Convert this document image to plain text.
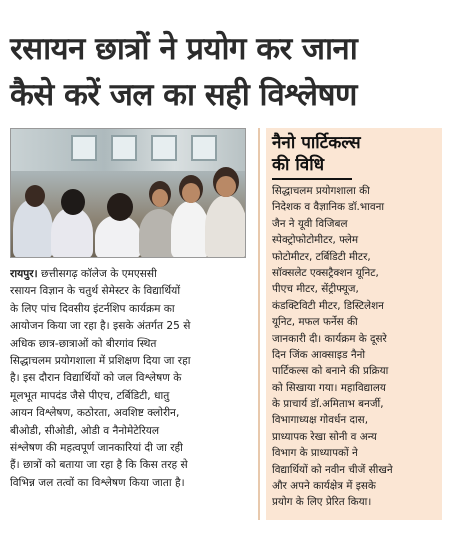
रसायन छात्रों ने प्रयोग कर जाना
कैसे करें जल का सही विश्लेषण
नैनो पार्टिकल्स
की विधि
सिद्धाचलम प्रयोगशाला की
निदेशक व वैज्ञानिक डॉ.भावना
जैन ने यूवी विजिबल
स्पेक्ट्रोफोटोमीटर, फ्लेम
फोटोमीटर, टर्बिडिटी मीटर,
सॉक्सलेट एक्सट्रैक्शन यूनिट,
पीएच मीटर, सेंट्रीफ्यूज,
कंडक्टिविटी मीटर, डिस्टिलेशन
यूनिट, मफल फर्नेस की
जानकारी दी। कार्यक्रम के दूसरे
दिन जिंक आक्साइड नैनो
पार्टिकल्स को बनाने की प्रक्रिया
को सिखाया गया। महाविद्यालय
के प्राचार्य डॉ.अमिताभ बनर्जी,
विभागाध्यक्ष गोवर्धन दास,
प्राध्यापक रेखा सोनी व अन्य
विभाग के प्राध्यापकों ने
विद्यार्थियों को नवीन चीजें सीखने
और अपने कार्यक्षेत्र में इसके
प्रयोग के लिए प्रेरित किया।
रायपुर। छत्तीसगढ़ कॉलेज के एमएससी
रसायन विज्ञान के चतुर्थ सेमेस्टर के विद्यार्थियों
के लिए पांच दिवसीय इंटर्नशिप कार्यक्रम का
आयोजन किया जा रहा है। इसके अंतर्गत 25 से
अधिक छात्र-छात्राओं को बीरगांव स्थित
सिद्धाचलम प्रयोगशाला में प्रशिक्षण दिया जा रहा
है। इस दौरान विद्यार्थियों को जल विश्लेषण के
मूलभूत मापदंड जैसे पीएच, टर्बिडिटी, धातु
आयन विश्लेषण, कठोरता, अवशिष्ट क्लोरीन,
बीओडी, सीओडी, ओडी व नैनोमेटेरियल
संश्लेषण की महत्वपूर्ण जानकारियां दी जा रही
हैं। छात्रों को बताया जा रहा है कि किस तरह से
विभिन्न जल तत्वों का विश्लेषण किया जाता है।
